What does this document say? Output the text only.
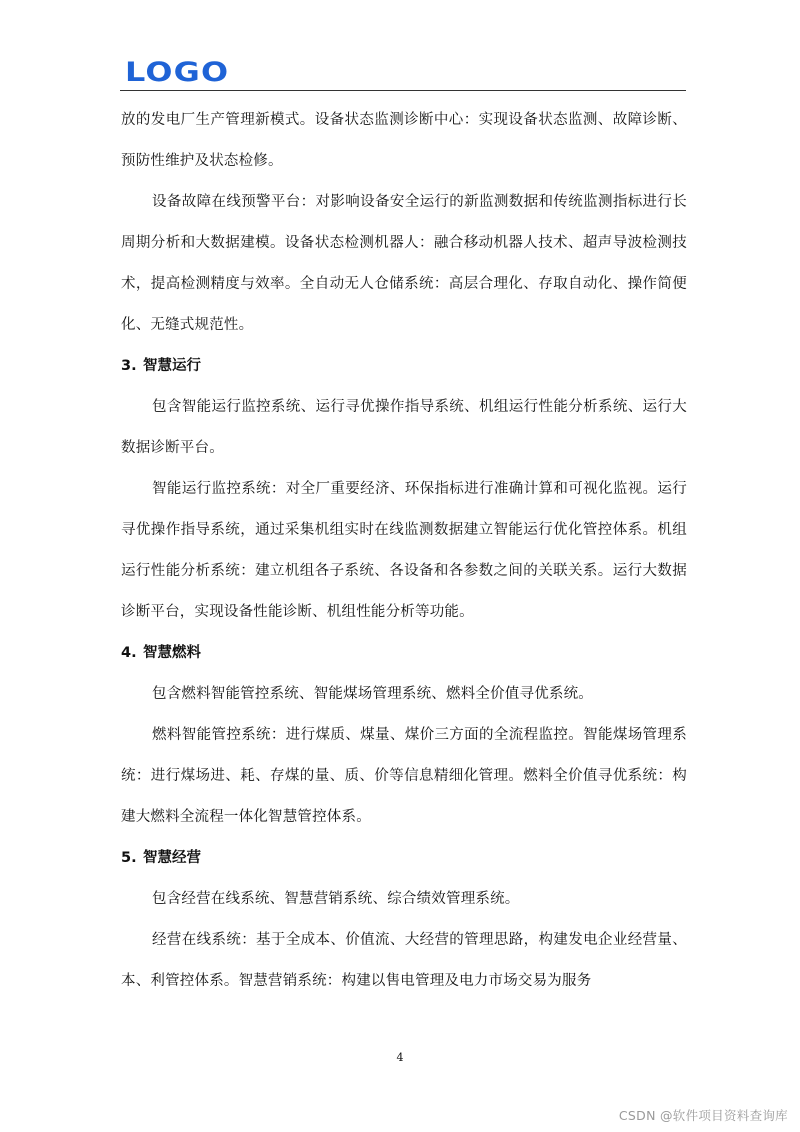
LOGO

放的发电厂生产管理新模式。设备状态监测诊断中心：实现设备状态监测、故障诊断、预防性维护及状态检修。

设备故障在线预警平台：对影响设备安全运行的新监测数据和传统监测指标进行长周期分析和大数据建模。设备状态检测机器人：融合移动机器人技术、超声导波检测技术，提高检测精度与效率。全自动无人仓储系统：高层合理化、存取自动化、操作简便化、无缝式规范性。

3. 智慧运行

包含智能运行监控系统、运行寻优操作指导系统、机组运行性能分析系统、运行大数据诊断平台。

智能运行监控系统：对全厂重要经济、环保指标进行准确计算和可视化监视。运行寻优操作指导系统，通过采集机组实时在线监测数据建立智能运行优化管控体系。机组运行性能分析系统：建立机组各子系统、各设备和各参数之间的关联关系。运行大数据诊断平台，实现设备性能诊断、机组性能分析等功能。

4. 智慧燃料

包含燃料智能管控系统、智能煤场管理系统、燃料全价值寻优系统。

燃料智能管控系统：进行煤质、煤量、煤价三方面的全流程监控。智能煤场管理系统：进行煤场进、耗、存煤的量、质、价等信息精细化管理。燃料全价值寻优系统：构建大燃料全流程一体化智慧管控体系。

5. 智慧经营

包含经营在线系统、智慧营销系统、综合绩效管理系统。

经营在线系统：基于全成本、价值流、大经营的管理思路，构建发电企业经营量、本、利管控体系。智慧营销系统：构建以售电管理及电力市场交易为服务

4
CSDN @软件项目资料查询库
